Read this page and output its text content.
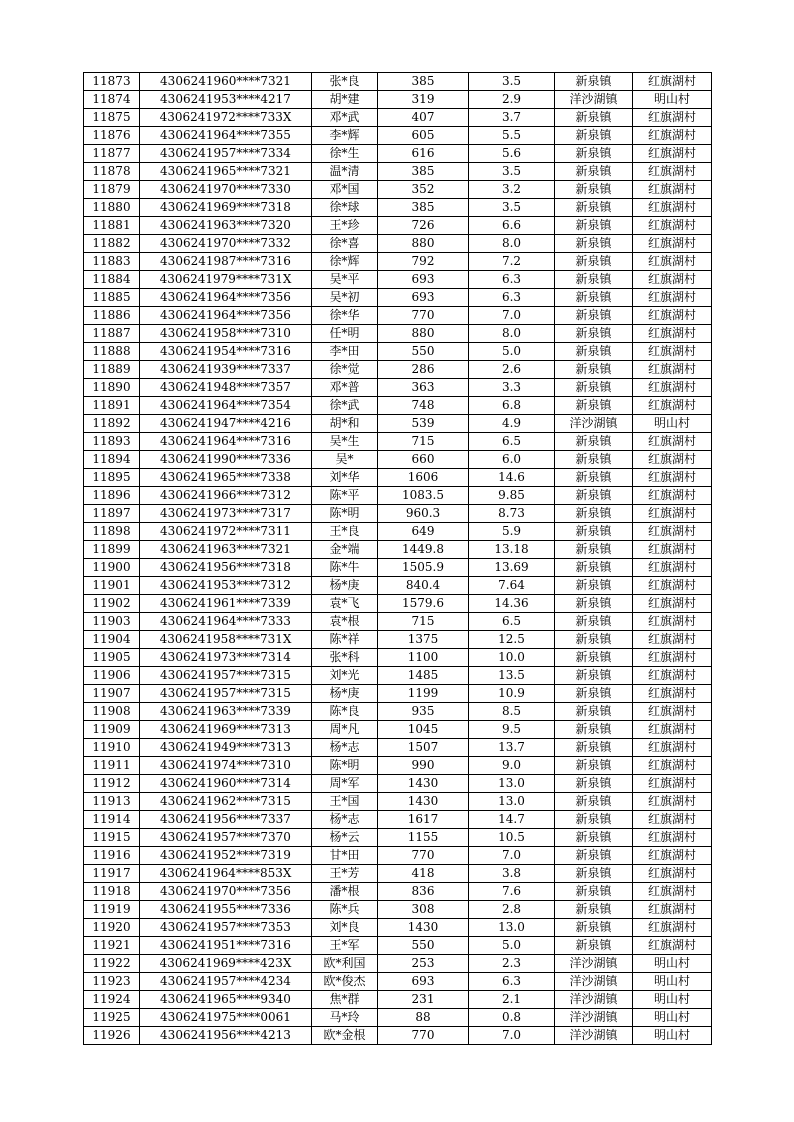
11873	4306241960****7321	张*良	385	3.5	新泉镇	红旗湖村
11874	4306241953****4217	胡*建	319	2.9	洋沙湖镇	明山村
11875	4306241972****733X	邓*武	407	3.7	新泉镇	红旗湖村
11876	4306241964****7355	李*辉	605	5.5	新泉镇	红旗湖村
11877	4306241957****7334	徐*生	616	5.6	新泉镇	红旗湖村
11878	4306241965****7321	温*清	385	3.5	新泉镇	红旗湖村
11879	4306241970****7330	邓*国	352	3.2	新泉镇	红旗湖村
11880	4306241969****7318	徐*球	385	3.5	新泉镇	红旗湖村
11881	4306241963****7320	王*珍	726	6.6	新泉镇	红旗湖村
11882	4306241970****7332	徐*喜	880	8.0	新泉镇	红旗湖村
11883	4306241987****7316	徐*辉	792	7.2	新泉镇	红旗湖村
11884	4306241979****731X	吴*平	693	6.3	新泉镇	红旗湖村
11885	4306241964****7356	吴*初	693	6.3	新泉镇	红旗湖村
11886	4306241964****7356	徐*华	770	7.0	新泉镇	红旗湖村
11887	4306241958****7310	任*明	880	8.0	新泉镇	红旗湖村
11888	4306241954****7316	李*田	550	5.0	新泉镇	红旗湖村
11889	4306241939****7337	徐*觉	286	2.6	新泉镇	红旗湖村
11890	4306241948****7357	邓*普	363	3.3	新泉镇	红旗湖村
11891	4306241964****7354	徐*武	748	6.8	新泉镇	红旗湖村
11892	4306241947****4216	胡*和	539	4.9	洋沙湖镇	明山村
11893	4306241964****7316	吴*生	715	6.5	新泉镇	红旗湖村
11894	4306241990****7336	吴*	660	6.0	新泉镇	红旗湖村
11895	4306241965****7338	刘*华	1606	14.6	新泉镇	红旗湖村
11896	4306241966****7312	陈*平	1083.5	9.85	新泉镇	红旗湖村
11897	4306241973****7317	陈*明	960.3	8.73	新泉镇	红旗湖村
11898	4306241972****7311	王*良	649	5.9	新泉镇	红旗湖村
11899	4306241963****7321	金*端	1449.8	13.18	新泉镇	红旗湖村
11900	4306241956****7318	陈*牛	1505.9	13.69	新泉镇	红旗湖村
11901	4306241953****7312	杨*庚	840.4	7.64	新泉镇	红旗湖村
11902	4306241961****7339	袁*飞	1579.6	14.36	新泉镇	红旗湖村
11903	4306241964****7333	袁*根	715	6.5	新泉镇	红旗湖村
11904	4306241958****731X	陈*祥	1375	12.5	新泉镇	红旗湖村
11905	4306241973****7314	张*科	1100	10.0	新泉镇	红旗湖村
11906	4306241957****7315	刘*光	1485	13.5	新泉镇	红旗湖村
11907	4306241957****7315	杨*庚	1199	10.9	新泉镇	红旗湖村
11908	4306241963****7339	陈*良	935	8.5	新泉镇	红旗湖村
11909	4306241969****7313	周*凡	1045	9.5	新泉镇	红旗湖村
11910	4306241949****7313	杨*志	1507	13.7	新泉镇	红旗湖村
11911	4306241974****7310	陈*明	990	9.0	新泉镇	红旗湖村
11912	4306241960****7314	周*军	1430	13.0	新泉镇	红旗湖村
11913	4306241962****7315	王*国	1430	13.0	新泉镇	红旗湖村
11914	4306241956****7337	杨*志	1617	14.7	新泉镇	红旗湖村
11915	4306241957****7370	杨*云	1155	10.5	新泉镇	红旗湖村
11916	4306241952****7319	甘*田	770	7.0	新泉镇	红旗湖村
11917	4306241964****853X	王*芳	418	3.8	新泉镇	红旗湖村
11918	4306241970****7356	潘*根	836	7.6	新泉镇	红旗湖村
11919	4306241955****7336	陈*兵	308	2.8	新泉镇	红旗湖村
11920	4306241957****7353	刘*良	1430	13.0	新泉镇	红旗湖村
11921	4306241951****7316	王*军	550	5.0	新泉镇	红旗湖村
11922	4306241969****423X	欧*利国	253	2.3	洋沙湖镇	明山村
11923	4306241957****4234	欧*俊杰	693	6.3	洋沙湖镇	明山村
11924	4306241965****9340	焦*群	231	2.1	洋沙湖镇	明山村
11925	4306241975****0061	马*玲	88	0.8	洋沙湖镇	明山村
11926	4306241956****4213	欧*金根	770	7.0	洋沙湖镇	明山村
